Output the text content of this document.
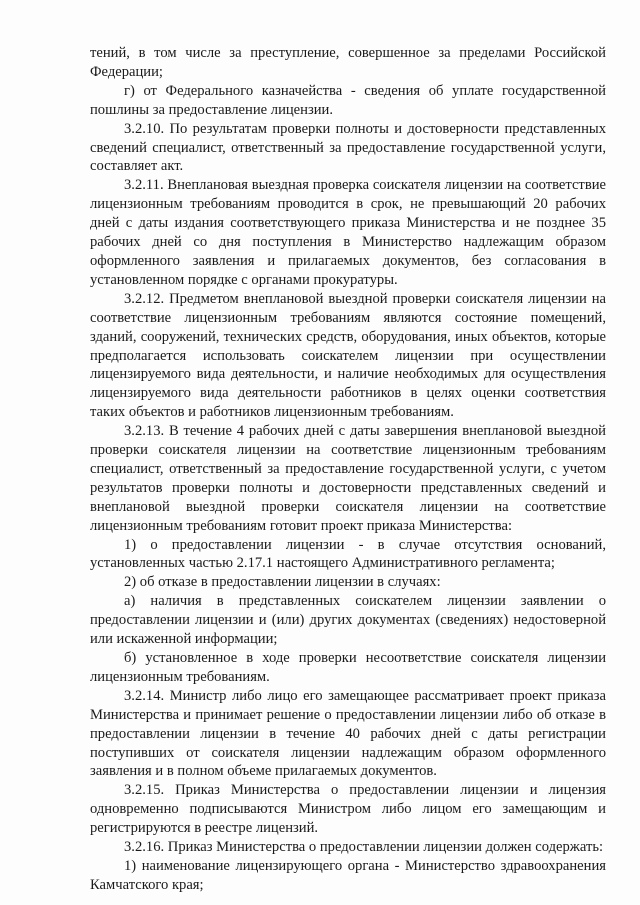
тений, в том числе за преступление, совершенное за пределами Российской Федерации;

г) от Федерального казначейства - сведения об уплате государственной пошлины за предоставление лицензии.

3.2.10. По результатам проверки полноты и достоверности представленных сведений специалист, ответственный за предоставление государственной услуги, составляет акт.

3.2.11. Внеплановая выездная проверка соискателя лицензии на соответствие лицензионным требованиям проводится в срок, не превышающий 20 рабочих дней с даты издания соответствующего приказа Министерства и не позднее 35 рабочих дней со дня поступления в Министерство надлежащим образом оформленного заявления и прилагаемых документов, без согласования в установленном порядке с органами прокуратуры.

3.2.12. Предметом внеплановой выездной проверки соискателя лицензии на соответствие лицензионным требованиям являются состояние помещений, зданий, сооружений, технических средств, оборудования, иных объектов, которые предполагается использовать соискателем лицензии при осуществлении лицензируемого вида деятельности, и наличие необходимых для осуществления лицензируемого вида деятельности работников в целях оценки соответствия таких объектов и работников лицензионным требованиям.

3.2.13. В течение 4 рабочих дней с даты завершения внеплановой выездной проверки соискателя лицензии на соответствие лицензионным требованиям специалист, ответственный за предоставление государственной услуги, с учетом результатов проверки полноты и достоверности представленных сведений и внеплановой выездной проверки соискателя лицензии на соответствие лицензионным требованиям готовит проект приказа Министерства:

1) о предоставлении лицензии - в случае отсутствия оснований, установленных частью 2.17.1 настоящего Административного регламента;

2) об отказе в предоставлении лицензии в случаях:

а) наличия в представленных соискателем лицензии заявлении о предоставлении лицензии и (или) других документах (сведениях) недостоверной или искаженной информации;

б) установленное в ходе проверки несоответствие соискателя лицензии лицензионным требованиям.

3.2.14. Министр либо лицо его замещающее рассматривает проект приказа Министерства и принимает решение о предоставлении лицензии либо об отказе в предоставлении лицензии в течение 40 рабочих дней с даты регистрации поступивших от соискателя лицензии надлежащим образом оформленного заявления и в полном объеме прилагаемых документов.

3.2.15. Приказ Министерства о предоставлении лицензии и лицензия одновременно подписываются Министром либо лицом его замещающим и регистрируются в реестре лицензий.

3.2.16. Приказ Министерства о предоставлении лицензии должен содержать:

1) наименование лицензирующего органа - Министерство здравоохранения Камчатского края;
